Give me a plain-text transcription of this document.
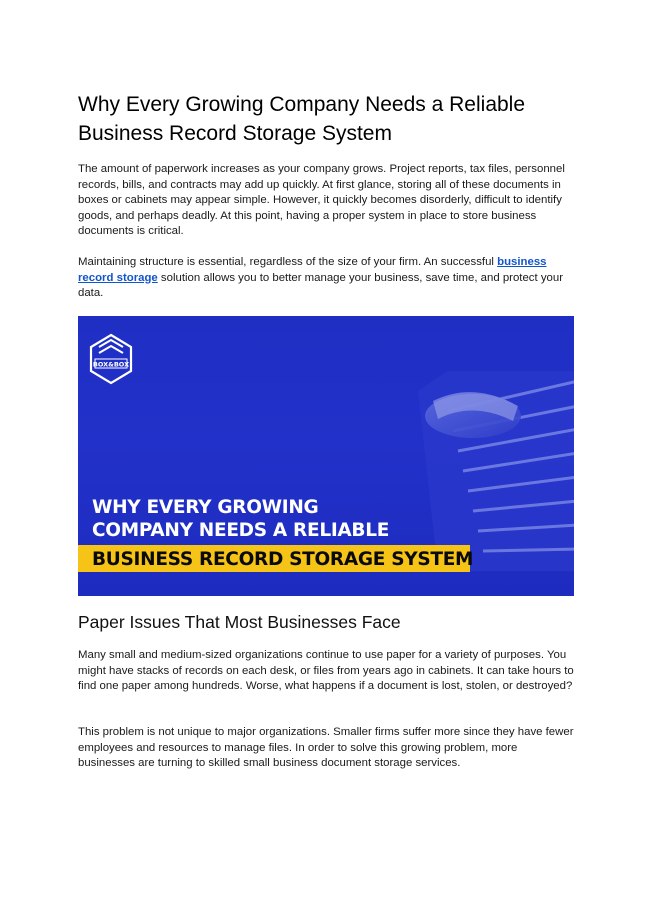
Why Every Growing Company Needs a Reliable Business Record Storage System

The amount of paperwork increases as your company grows. Project reports, tax files, personnel records, bills, and contracts may add up quickly. At first glance, storing all of these documents in boxes or cabinets may appear simple. However, it quickly becomes disorderly, difficult to identify goods, and perhaps deadly. At this point, having a proper system in place to store business documents is critical.

Maintaining structure is essential, regardless of the size of your firm. An successful business record storage solution allows you to better manage your business, save time, and protect your data.

BOX&BOX
WHY EVERY GROWING
COMPANY NEEDS A RELIABLE
BUSINESS RECORD STORAGE SYSTEM
Paper Issues That Most Businesses Face

Many small and medium-sized organizations continue to use paper for a variety of purposes. You might have stacks of records on each desk, or files from years ago in cabinets. It can take hours to find one paper among hundreds. Worse, what happens if a document is lost, stolen, or destroyed?

This problem is not unique to major organizations. Smaller firms suffer more since they have fewer employees and resources to manage files. In order to solve this growing problem, more businesses are turning to skilled small business document storage services.
